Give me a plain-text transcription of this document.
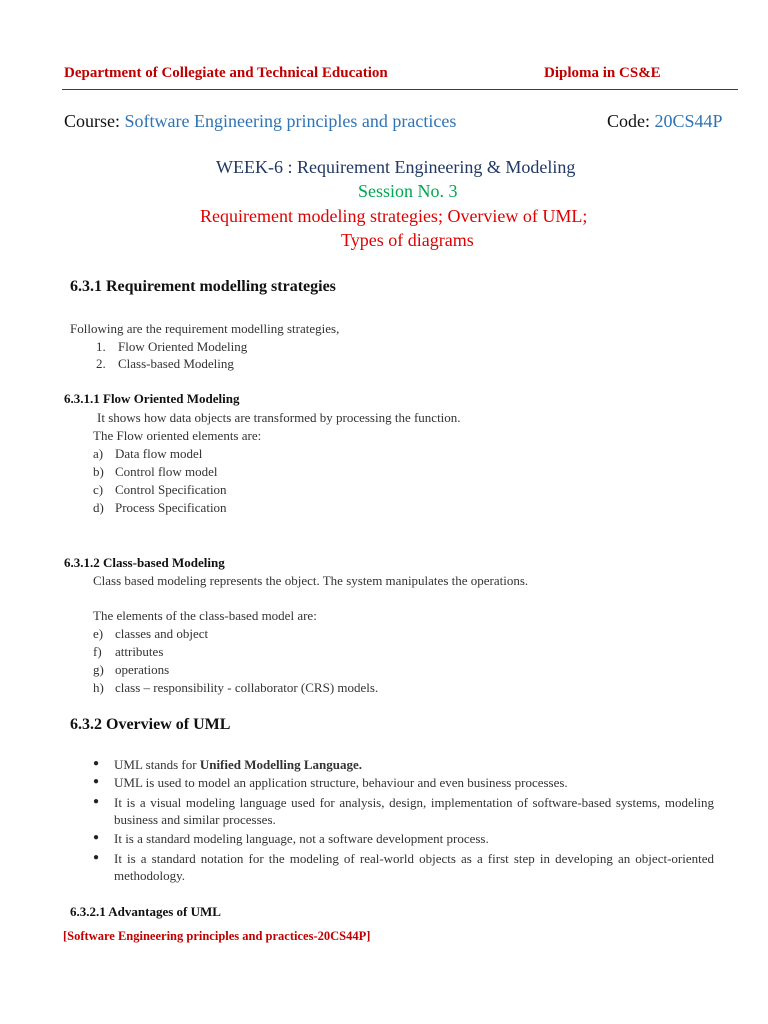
Department of Collegiate and Technical Education	Diploma in CS&E
Course: Software Engineering principles and practices	Code: 20CS44P
WEEK-6 : Requirement Engineering & Modeling
Session No. 3
Requirement modeling strategies; Overview of UML;
Types of diagrams
6.3.1 Requirement modelling strategies
Following are the requirement modelling strategies,
1. Flow Oriented Modeling
2. Class-based Modeling
6.3.1.1 Flow Oriented Modeling
It shows how data objects are transformed by processing the function.
The Flow oriented elements are:
a) Data flow model
b) Control flow model
c) Control Specification
d) Process Specification
6.3.1.2 Class-based Modeling
Class based modeling represents the object. The system manipulates the operations.
The elements of the class-based model are:
e) classes and object
f) attributes
g) operations
h) class – responsibility - collaborator (CRS) models.
6.3.2 Overview of UML
● UML stands for Unified Modelling Language.
● UML is used to model an application structure, behaviour and even business processes.
● It is a visual modeling language used for analysis, design, implementation of software-based systems, modeling business and similar processes.
● It is a standard modeling language, not a software development process.
● It is a standard notation for the modeling of real-world objects as a first step in developing an object-oriented methodology.
6.3.2.1 Advantages of UML
[Software Engineering principles and practices-20CS44P]
